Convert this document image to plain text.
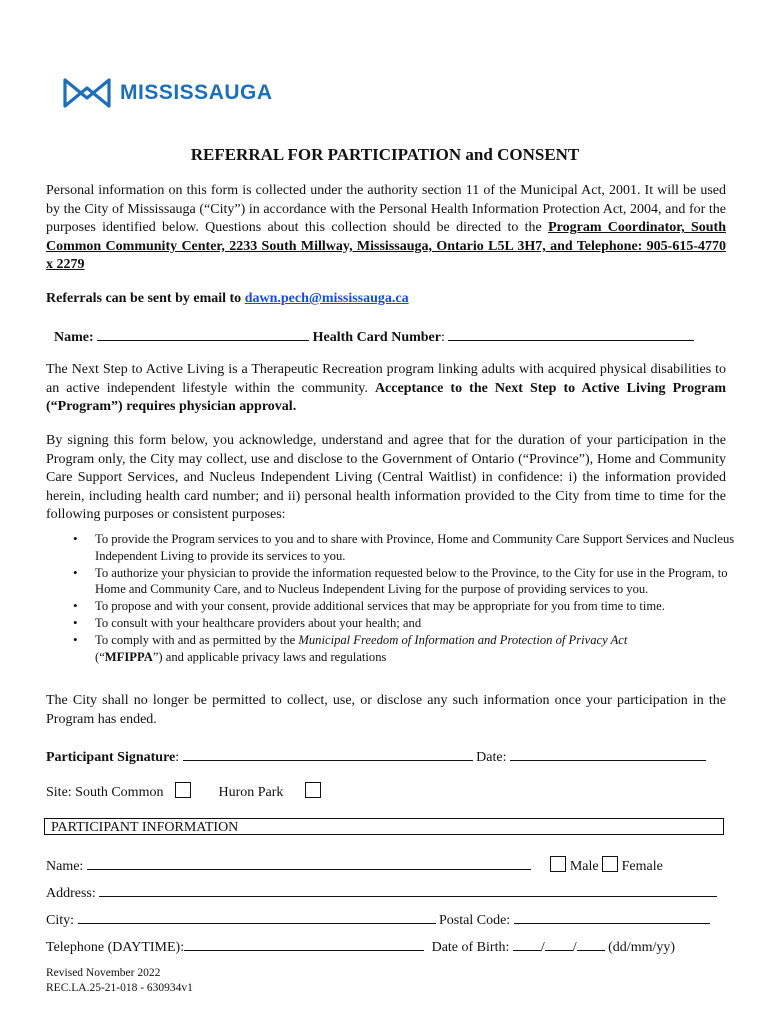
MISSISSAUGA
REFERRAL FOR PARTICIPATION and CONSENT
Personal information on this form is collected under the authority section 11 of the Municipal Act, 2001. It will be used by the City of Mississauga (“City”) in accordance with the Personal Health Information Protection Act, 2004, and for the purposes identified below. Questions about this collection should be directed to the Program Coordinator, South Common Community Center, 2233 South Millway, Mississauga, Ontario L5L 3H7, and Telephone: 905-615-4770 x 2279
Referrals can be sent by email to dawn.pech@mississauga.ca
Name:	Health Card Number:
The Next Step to Active Living is a Therapeutic Recreation program linking adults with acquired physical disabilities to an active independent lifestyle within the community. Acceptance to the Next Step to Active Living Program (“Program”) requires physician approval.
By signing this form below, you acknowledge, understand and agree that for the duration of your participation in the Program only, the City may collect, use and disclose to the Government of Ontario (“Province”), Home and Community Care Support Services, and Nucleus Independent Living (Central Waitlist) in confidence: i) the information provided herein, including health card number; and ii) personal health information provided to the City from time to time for the following purposes or consistent purposes:
• To provide the Program services to you and to share with Province, Home and Community Care Support Services and Nucleus Independent Living to provide its services to you.
• To authorize your physician to provide the information requested below to the Province, to the City for use in the Program, to Home and Community Care, and to Nucleus Independent Living for the purpose of providing services to you.
• To propose and with your consent, provide additional services that may be appropriate for you from time to time.
• To consult with your healthcare providers about your health; and
• To comply with and as permitted by the Municipal Freedom of Information and Protection of Privacy Act
(“MFIPPA”) and applicable privacy laws and regulations
The City shall no longer be permitted to collect, use, or disclose any such information once your participation in the Program has ended.
Participant Signature:	Date:
Site: South Common	Huron Park
PARTICIPANT INFORMATION
Name:	Male Female
Address:
City:	Postal Code:
Telephone (DAYTIME):	Date of Birth: / / (dd/mm/yy)
Revised November 2022
REC.LA.25-21-018 - 630934v1
